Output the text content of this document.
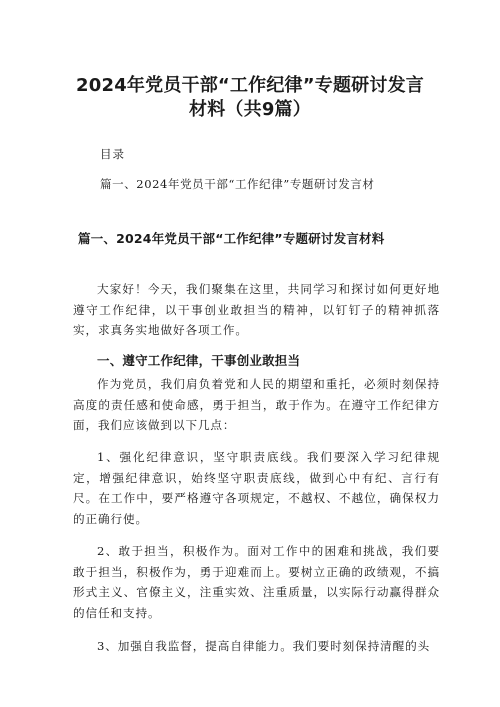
2024年党员干部“工作纪律”专题研讨发言
材料（共9篇）
目录
篇一、2024年党员干部“工作纪律”专题研讨发言材
篇一、2024年党员干部“工作纪律”专题研讨发言材料

大家好！今天，我们聚集在这里，共同学习和探讨如何更好地遵守工作纪律，以干事创业敢担当的精神，以钉钉子的精神抓落实，求真务实地做好各项工作。

一、遵守工作纪律，干事创业敢担当

作为党员，我们肩负着党和人民的期望和重托，必须时刻保持高度的责任感和使命感，勇于担当，敢于作为。在遵守工作纪律方面，我们应该做到以下几点：

1、强化纪律意识，坚守职责底线。我们要深入学习纪律规定，增强纪律意识，始终坚守职责底线，做到心中有纪、言行有尺。在工作中，要严格遵守各项规定，不越权、不越位，确保权力的正确行使。

2、敢于担当，积极作为。面对工作中的困难和挑战，我们要敢于担当，积极作为，勇于迎难而上。要树立正确的政绩观，不搞形式主义、官僚主义，注重实效、注重质量，以实际行动赢得群众的信任和支持。

3、加强自我监督，提高自律能力。我们要时刻保持清醒的头
